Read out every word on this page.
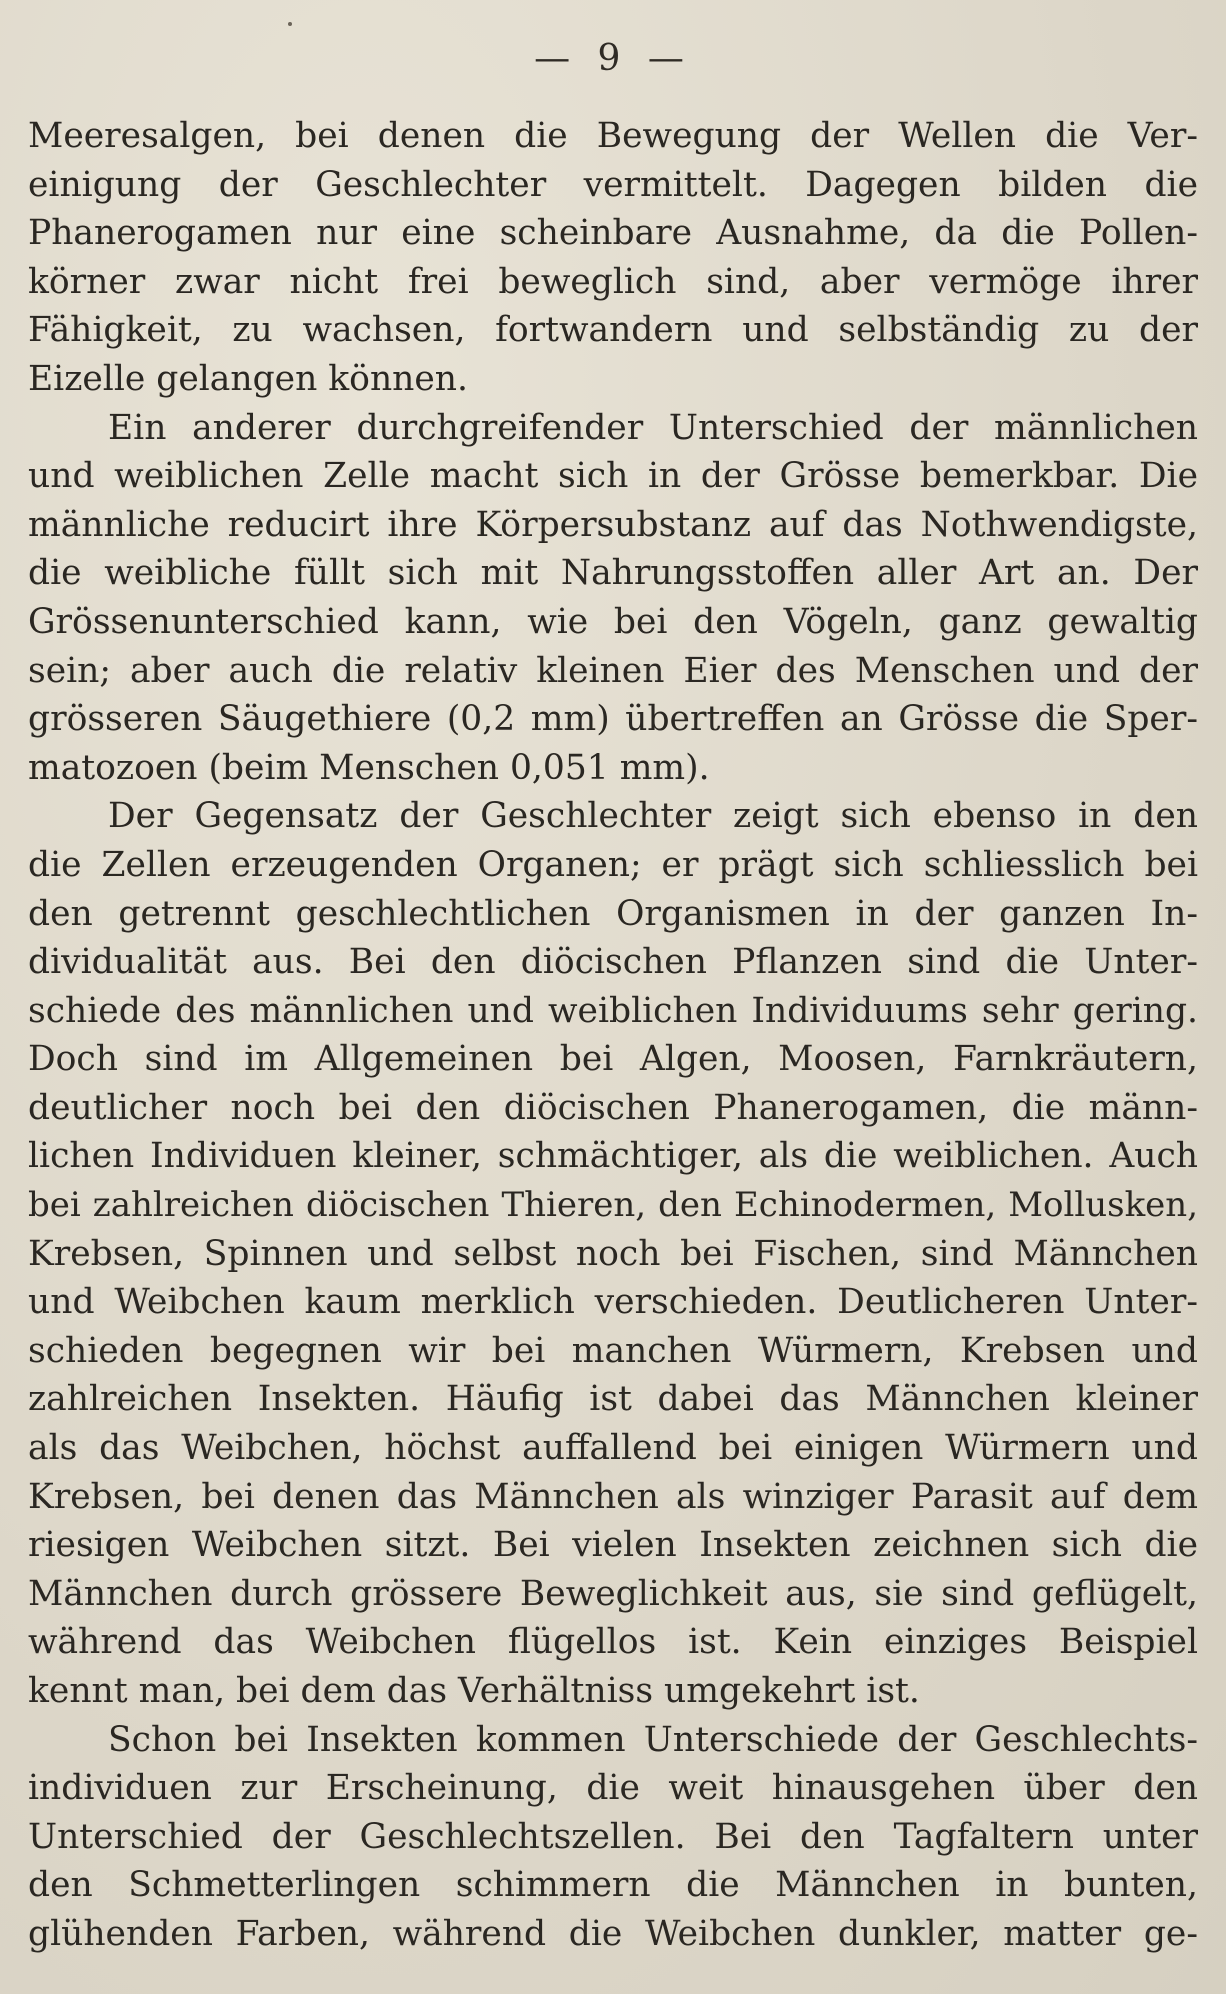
— 9 —
Meeresalgen, bei denen die Bewegung der Wellen die Ver-
einigung der Geschlechter vermittelt. Dagegen bilden die
Phanerogamen nur eine scheinbare Ausnahme, da die Pollen-
körner zwar nicht frei beweglich sind, aber vermöge ihrer
Fähigkeit, zu wachsen, fortwandern und selbständig zu der
Eizelle gelangen können.
Ein anderer durchgreifender Unterschied der männlichen
und weiblichen Zelle macht sich in der Grösse bemerkbar. Die
männliche reducirt ihre Körpersubstanz auf das Nothwendigste,
die weibliche füllt sich mit Nahrungsstoffen aller Art an. Der
Grössenunterschied kann, wie bei den Vögeln, ganz gewaltig
sein; aber auch die relativ kleinen Eier des Menschen und der
grösseren Säugethiere (0,2 mm) übertreffen an Grösse die Sper-
matozoen (beim Menschen 0,051 mm).
Der Gegensatz der Geschlechter zeigt sich ebenso in den
die Zellen erzeugenden Organen; er prägt sich schliesslich bei
den getrennt geschlechtlichen Organismen in der ganzen In-
dividualität aus. Bei den diöcischen Pflanzen sind die Unter-
schiede des männlichen und weiblichen Individuums sehr gering.
Doch sind im Allgemeinen bei Algen, Moosen, Farnkräutern,
deutlicher noch bei den diöcischen Phanerogamen, die männ-
lichen Individuen kleiner, schmächtiger, als die weiblichen. Auch
bei zahlreichen diöcischen Thieren, den Echinodermen, Mollusken,
Krebsen, Spinnen und selbst noch bei Fischen, sind Männchen
und Weibchen kaum merklich verschieden. Deutlicheren Unter-
schieden begegnen wir bei manchen Würmern, Krebsen und
zahlreichen Insekten. Häufig ist dabei das Männchen kleiner
als das Weibchen, höchst auffallend bei einigen Würmern und
Krebsen, bei denen das Männchen als winziger Parasit auf dem
riesigen Weibchen sitzt. Bei vielen Insekten zeichnen sich die
Männchen durch grössere Beweglichkeit aus, sie sind geflügelt,
während das Weibchen flügellos ist. Kein einziges Beispiel
kennt man, bei dem das Verhältniss umgekehrt ist.
Schon bei Insekten kommen Unterschiede der Geschlechts-
individuen zur Erscheinung, die weit hinausgehen über den
Unterschied der Geschlechtszellen. Bei den Tagfaltern unter
den Schmetterlingen schimmern die Männchen in bunten,
glühenden Farben, während die Weibchen dunkler, matter ge-
